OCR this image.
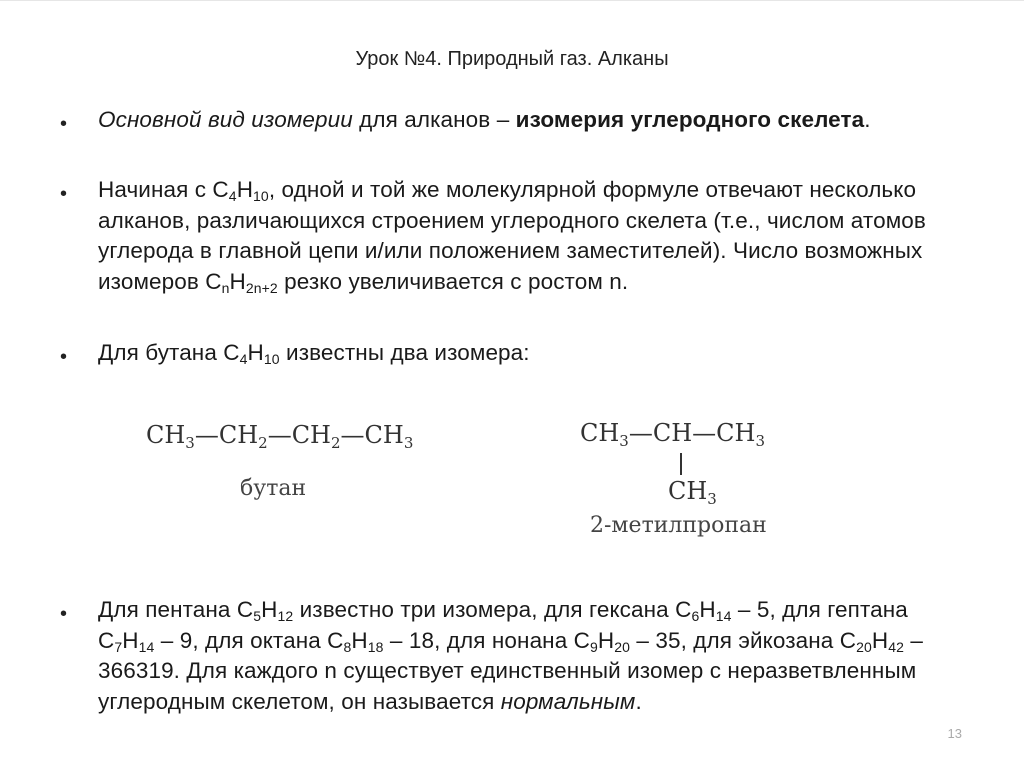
Урок №4. Природный газ. Алканы
•	Основной вид изомерии для алканов – изомерия углеродного скелета.
•	Начиная с $C_4H_{10}$, одной и той же молекулярной формуле отвечают несколько алканов, различающихся строением углеродного скелета (т.е., числом атомов углерода в главной цепи и/или положением заместителей). Число возможных изомеров $C_nH_{2n+2}$ резко увеличивается с ростом n.
•	Для бутана $C_4H_{10}$ известны два изомера:
$CH_3—CH_2—CH_2—CH_3$
бутан
$CH_3—CH—CH_3$
$CH_3$
2-метилпропан
•	Для пентана $C_5H_{12}$ известно три изомера, для гексана $C_6H_{14} - 5$, для гептана $C_7H_{14} - 9$, для октана $C_8H_{18} - 18$, для нонана $C_9H_{20} - 35$, для эйкозана $C_{20}H_{42} - 366319$. Для каждого n существует единственный изомер с неразветвленным углеродным скелетом, он называется нормальным.
13
